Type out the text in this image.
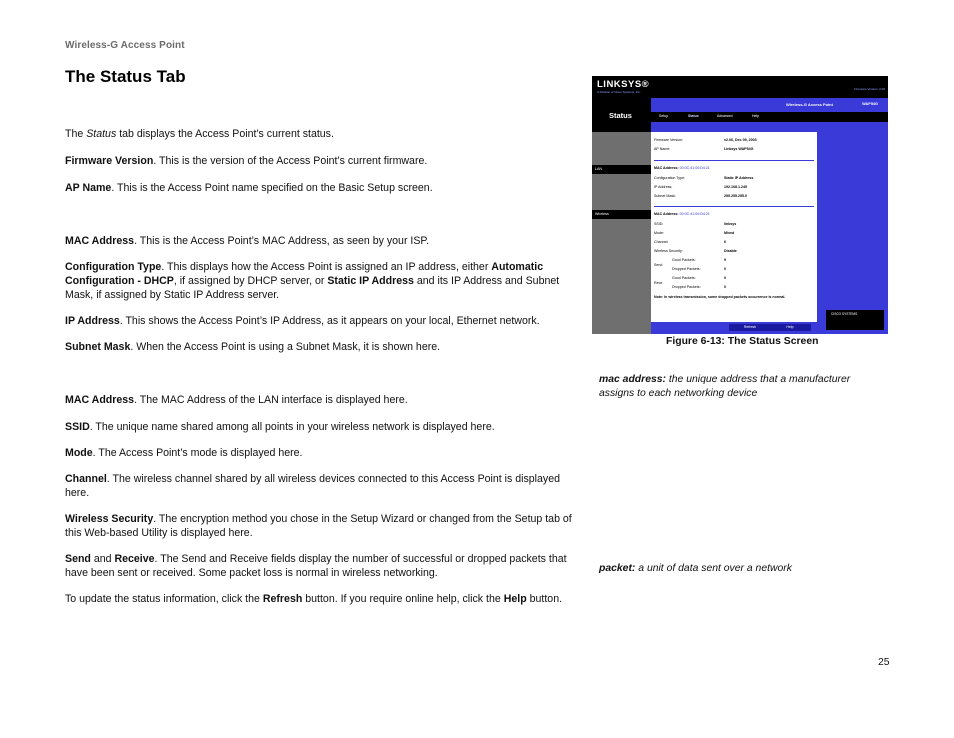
Wireless-G Access Point
The Status Tab

The Status tab displays the Access Point’s current status.

Firmware Version. This is the version of the Access Point’s current firmware.

AP Name. This is the Access Point name specified on the Basic Setup screen.

MAC Address. This is the Access Point’s MAC Address, as seen by your ISP.

Configuration Type. This displays how the Access Point is assigned an IP address, either Automatic Configuration - DHCP, if assigned by DHCP server, or Static IP Address and its IP Address and Subnet Mask, if assigned by Static IP Address server.

IP Address. This shows the Access Point’s IP Address, as it appears on your local, Ethernet network.

Subnet Mask. When the Access Point is using a Subnet Mask, it is shown here.

MAC Address. The MAC Address of the LAN interface is displayed here.

SSID. The unique name shared among all points in your wireless network is displayed here.

Mode. The Access Point’s mode is displayed here.

Channel. The wireless channel shared by all wireless devices connected to this Access Point is displayed here.

Wireless Security. The encryption method you chose in the Setup Wizard or changed from the Setup tab of this Web-based Utility is displayed here.

Send and Receive. The Send and Receive fields display the number of successful or dropped packets that have been sent or received. Some packet loss is normal in wireless networking.

To update the status information, click the Refresh button. If you require online help, click the Help button.

LINKSYS®
A Division of Cisco Systems, Inc.
Firmware Version: 2.00
Status
Wireless-G Access Point	WAP54G
Setup	Status	Advanced	Help
CISCO SYSTEMS
LAN
Wireless
Firmware Version:	v2.06, Dec 09, 2003
AP Name:	Linksys WAP54G
MAC Address: 00:0C:41:00:D4:21
Configuration Type:	Static IP Address
IP Address:	192.168.1.245
Subnet Mask:	255.255.255.0
MAC Address: 00:0C:41:00:D4:21
SSID:	linksys
Mode:	Mixed
Channel:	6
Wireless Security:	Disable
Send
Good Packets:	9
Dropped Packets:	0
Rece
Good Packets:	0
Dropped Packets:	0
Note: In wireless transmission, some dropped packets occurrence is normal.
Refresh	Help
Figure 6-13: The Status Screen
mac address: the unique address that a manufacturer assigns to each networking device
packet: a unit of data sent over a network
25
